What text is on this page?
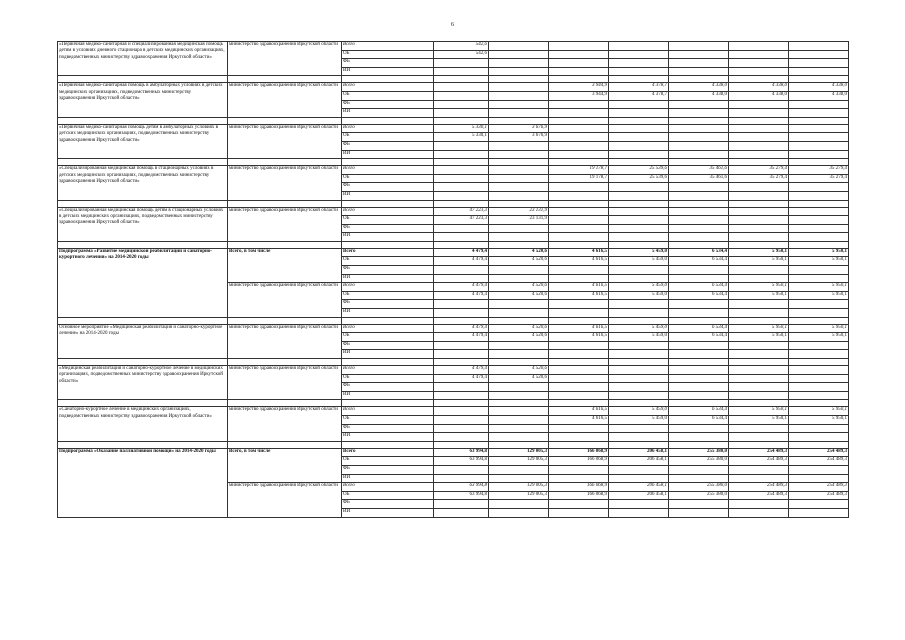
6
«Первичная медико-санитарная и специализированная медицинская помощь детям в условиях дневного стационара в детских медицинских организациях, подведомственных министерству здравоохранения Иркутской области»	министерство здравоохранения Иркутской области	Всего	542,6						
		ОБ	542,6						
		ФБ							
		ИИ							

«Первичная медико-санитарная помощь в амбулаторных условиях в детских медицинских организациях, подведомственных министерству здравоохранения Иркутской области»	министерство здравоохранения Иркутской области	Всего			3 944,9	4 378,7	4 338,0	4 338,0	4 338,0
		ОБ			3 944,9	4 378,7	4 338,0	4 338,0	4 338,0
		ФБ							
		ИИ							

«Первичная медико-санитарная помощь детям в амбулаторных условиях в детских медицинских организациях, подведомственных министерству здравоохранения Иркутской области»	министерство здравоохранения Иркутской области	Всего	5 330,1	3 676,9					
		ОБ	5 330,1	3 676,9					
		ФБ							
		ИИ							

«Специализированная медицинская помощь в стационарных условиях в детских медицинских организациях, подведомственных министерству здравоохранения Иркутской области»	министерство здравоохранения Иркутской области	Всего			19 178,7	25 539,6	35 461,6	35 279,4	35 279,4
		ОБ			19 178,7	25 539,6	35 461,6	35 279,4	35 279,4
		ФБ							
		ИИ							

«Специализированная медицинская помощь детям в стационарных условиях в детских медицинских организациях, подведомственных министерству здравоохранения Иркутской области»	министерство здравоохранения Иркутской области	Всего	47 223,3	23 131,9					
		ОБ	47 223,3	23 131,9					
		ФБ							
		ИИ							

Подпрограмма «Развитие медицинской реабилитации и санаторно-курортного лечения» на 2014-2020 годы	Всего, в том числе	Всего	4 479,4	4 520,6	4 616,5	5 459,0	6 534,4	5 950,1	5 950,1
		ОБ	4 479,4	4 520,6	4 616,5	5 459,0	6 534,4	5 950,1	5 950,1
		ФБ							
		ИИ							
	министерство здравоохранения Иркутской области	Всего	4 479,4	4 520,6	4 616,5	5 459,0	6 534,4	5 950,1	5 950,1
		ОБ	4 479,4	4 520,6	4 616,5	5 459,0	6 534,4	5 950,1	5 950,1
		ФБ							
		ИИ							

Основное мероприятие «Медицинская реабилитация и санаторно-курортное лечение» на 2014-2020 годы	министерство здравоохранения Иркутской области	Всего	4 479,4	4 520,6	4 616,5	5 459,0	6 534,4	5 950,1	5 950,1
		ОБ	4 479,4	4 520,6	4 616,5	5 459,0	6 534,4	5 950,1	5 950,1
		ФБ							
		ИИ							

«Медицинская реабилитация и санаторно-курортное лечение в медицинских организациях, подведомственных министерству здравоохранения Иркутской области»	министерство здравоохранения Иркутской области	Всего	4 479,4	4 520,6					
		ОБ	4 479,4	4 520,6					
		ФБ							
		ИИ							

«Санаторно-курортное лечение в медицинских организациях, подведомственных министерству здравоохранения Иркутской области»	министерство здравоохранения Иркутской области	Всего			4 616,5	5 459,0	6 534,4	5 950,1	5 950,1
		ОБ			4 616,5	5 459,0	6 534,4	5 950,1	5 950,1
		ФБ							
		ИИ							

Подпрограмма «Оказание паллиативной помощи» на 2014-2020 годы	Всего, в том числе	Всего	63 994,8	129 005,3	166 068,9	206 458,1	255 380,0	254 489,3	254 489,3
		ОБ	63 994,8	129 005,3	166 068,9	206 458,1	255 380,0	254 489,3	254 489,3
		ФБ							
		ИИ							
	министерство здравоохранения Иркутской области	Всего	63 994,8	129 005,3	166 068,9	206 458,1	255 380,0	254 489,3	254 489,3
		ОБ	63 994,8	129 005,3	166 068,9	206 458,1	255 380,0	254 489,3	254 489,3
		ФБ							
		ИИ							
